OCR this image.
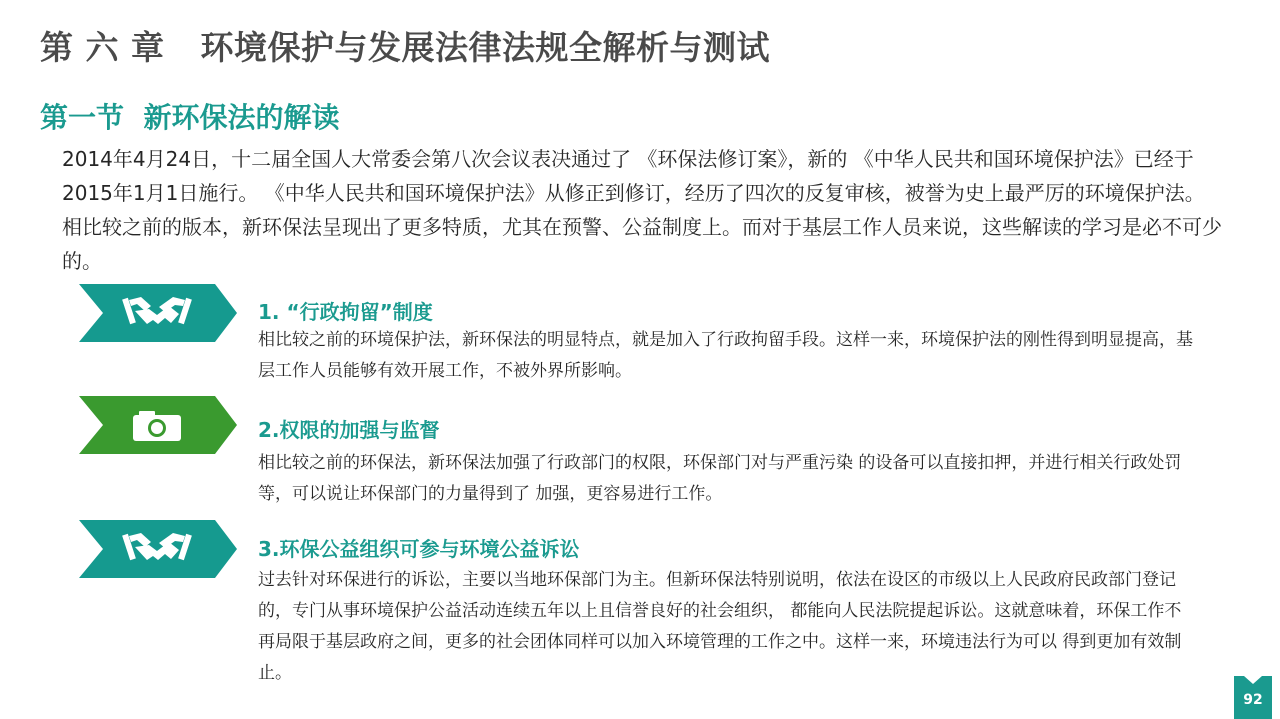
第 六 章   环境保护与发展法律法规全解析与测试
第一节  新环保法的解读

2014年4月24日，十二届全国人大常委会第八次会议表决通过了 《环保法修订案》，新的 《中华人民共和国环境保护法》已经于2015年1月1日施行。 《中华人民共和国环境保护法》从修正到修订，经历了四次的反复审核，被誉为史上最严厉的环境保护法。相比较之前的版本，新环保法呈现出了更多特质，尤其在预警、公益制度上。而对于基层工作人员来说，这些解读的学习是必不可少的。

1. “行政拘留”制度

相比较之前的环境保护法，新环保法的明显特点，就是加入了行政拘留手段。这样一来，环境保护法的刚性得到明显提高，基层工作人员能够有效开展工作，不被外界所影响。

2.权限的加强与监督

相比较之前的环保法，新环保法加强了行政部门的权限，环保部门对与严重污染 的设备可以直接扣押，并进行相关行政处罚等，可以说让环保部门的力量得到了 加强，更容易进行工作。

3.环保公益组织可参与环境公益诉讼

过去针对环保进行的诉讼，主要以当地环保部门为主。但新环保法特别说明，依法在设区的市级以上人民政府民政部门登记的，专门从事环境保护公益活动连续五年以上且信誉良好的社会组织， 都能向人民法院提起诉讼。这就意味着，环保工作不再局限于基层政府之间，更多的社会团体同样可以加入环境管理的工作之中。这样一来，环境违法行为可以 得到更加有效制止。

92
